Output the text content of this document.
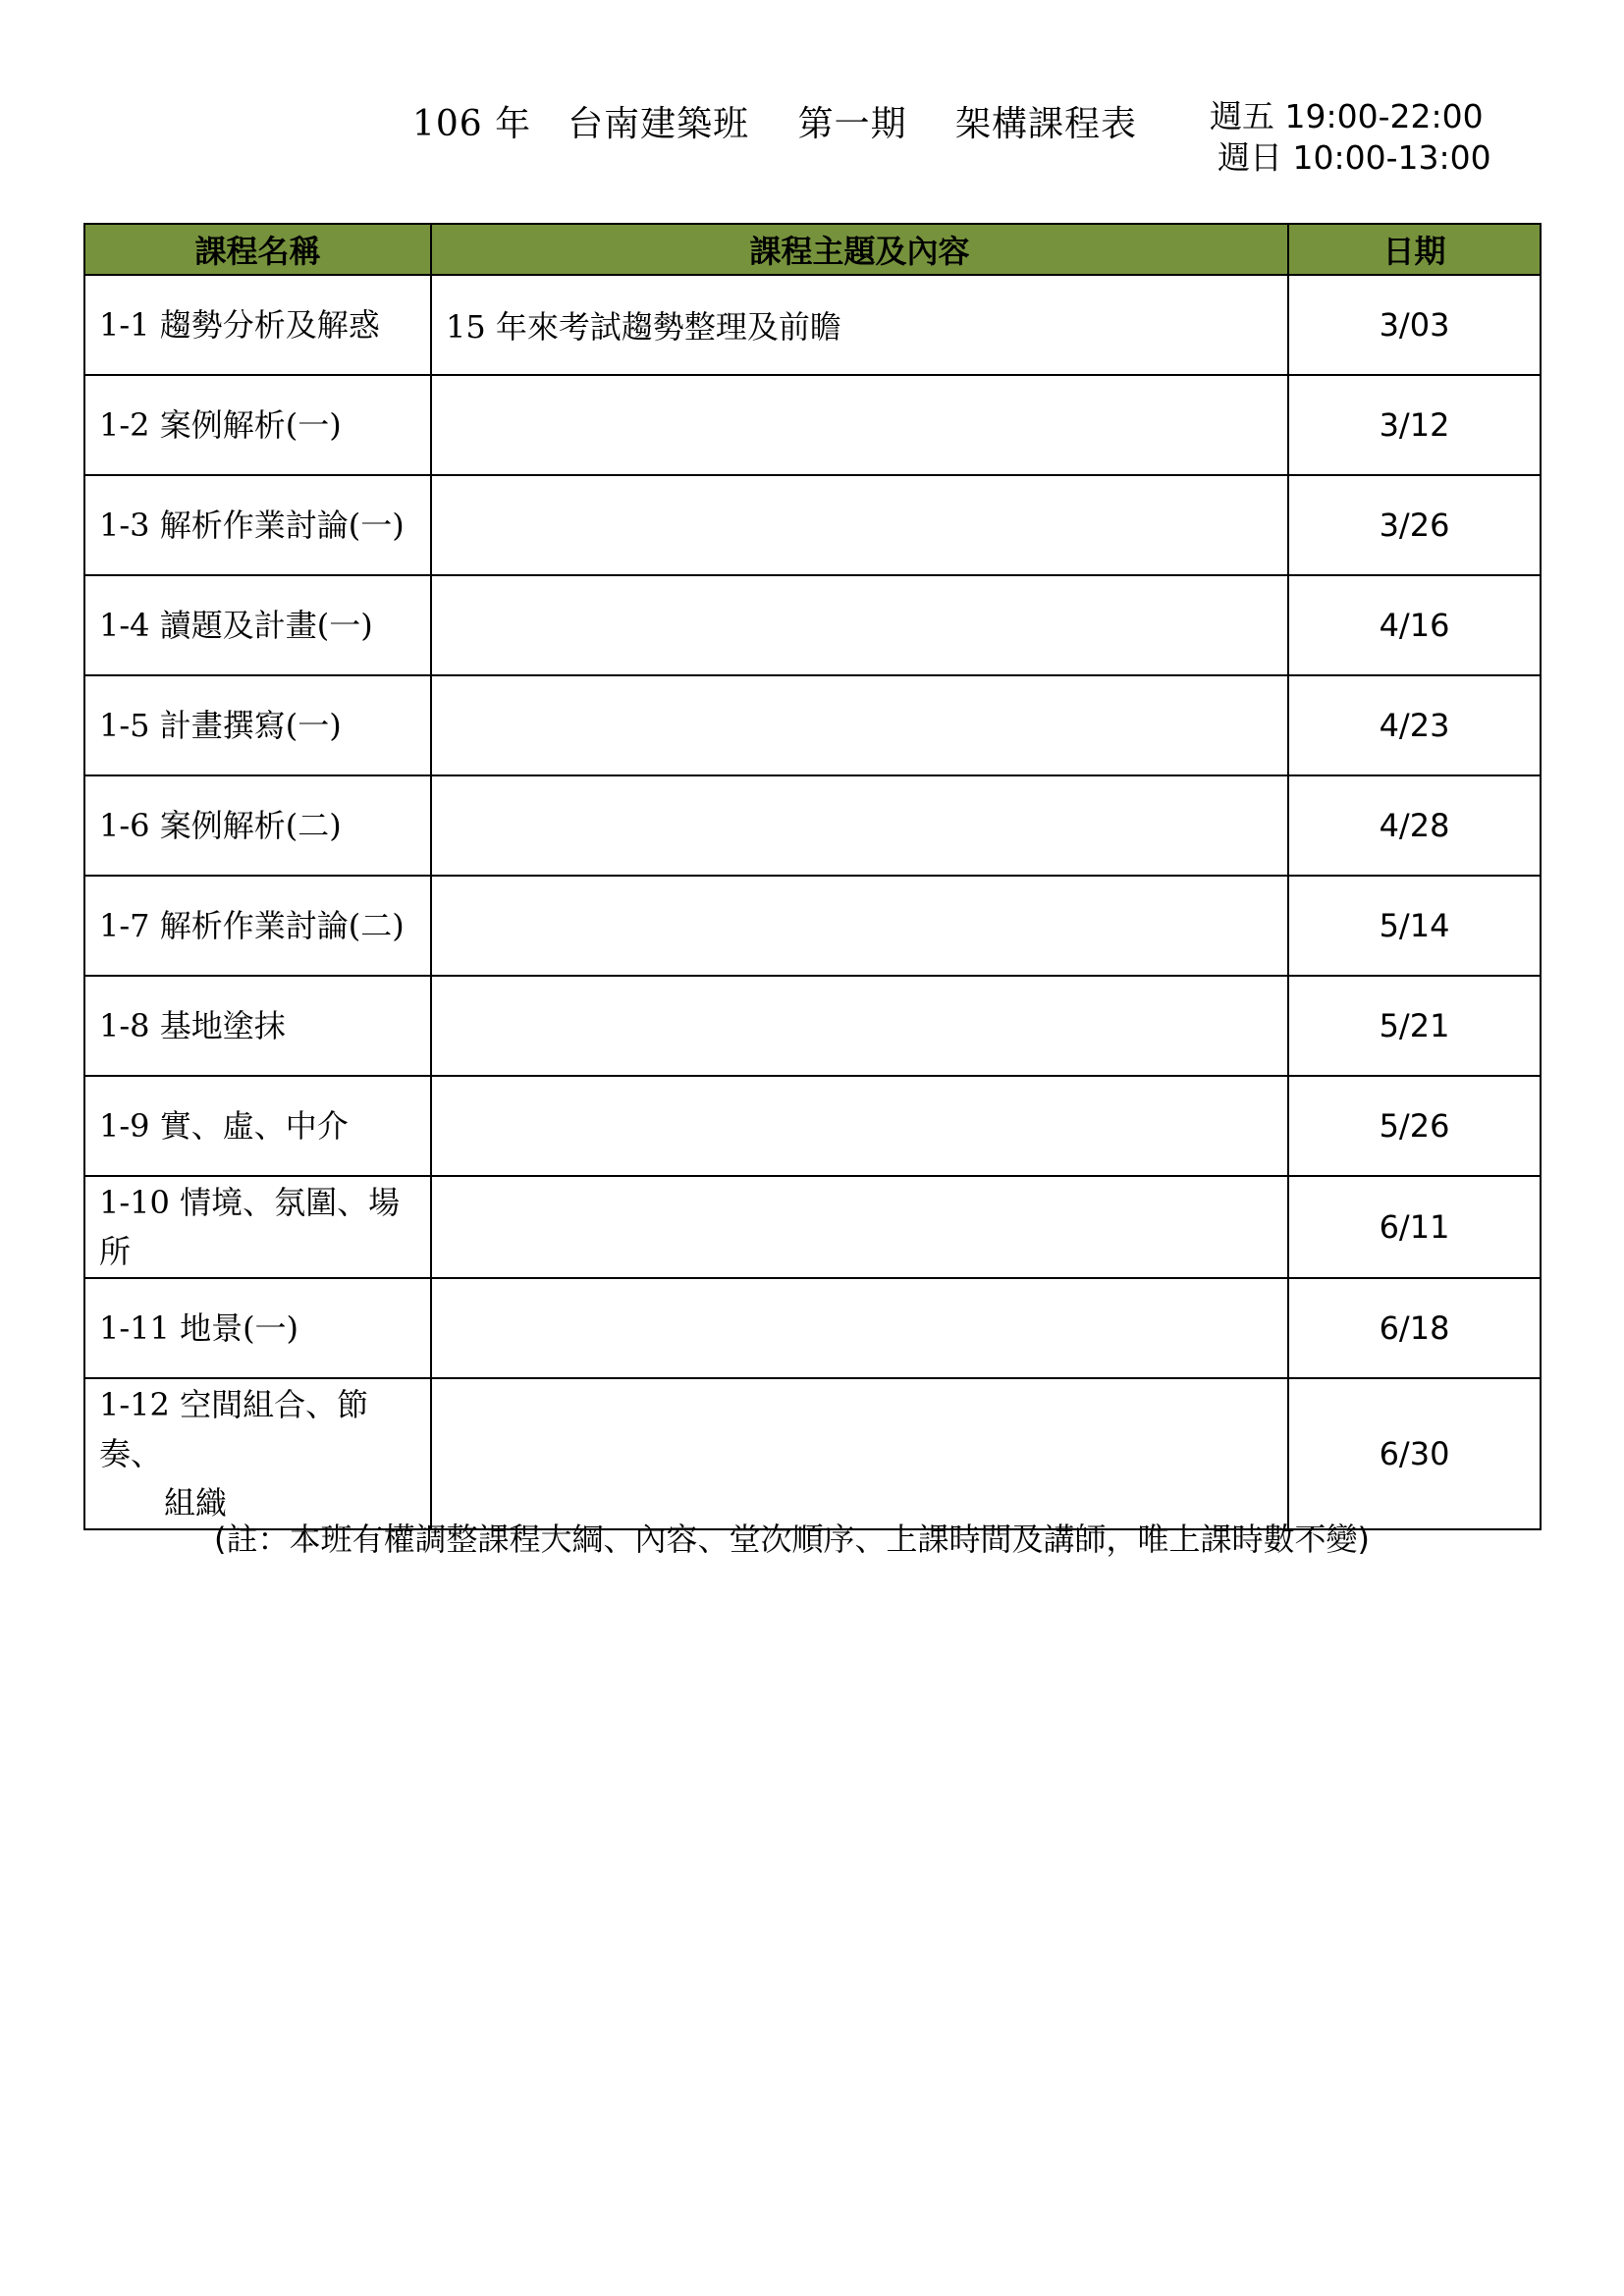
106 年　台南建築班　 第一期　 架構課程表 週五 19:00-22:00
週日 10:00-13:00
課程名稱	課程主題及內容	日期
1-1 趨勢分析及解惑	15 年來考試趨勢整理及前瞻	3/03
1-2 案例解析(一)		3/12
1-3 解析作業討論(一)		3/26
1-4 讀題及計畫(一)		4/16
1-5 計畫撰寫(一)		4/23
1-6 案例解析(二)		4/28
1-7 解析作業討論(二)		5/14
1-8 基地塗抹		5/21
1-9 實、虛、中介		5/26

1-10 情境、氛圍、場
所		6/11
1-11 地景(一)		6/18

1-12 空間組合、節奏、
組織		6/30
(註：本班有權調整課程大綱、內容、堂次順序、上課時間及講師，唯上課時數不變)
